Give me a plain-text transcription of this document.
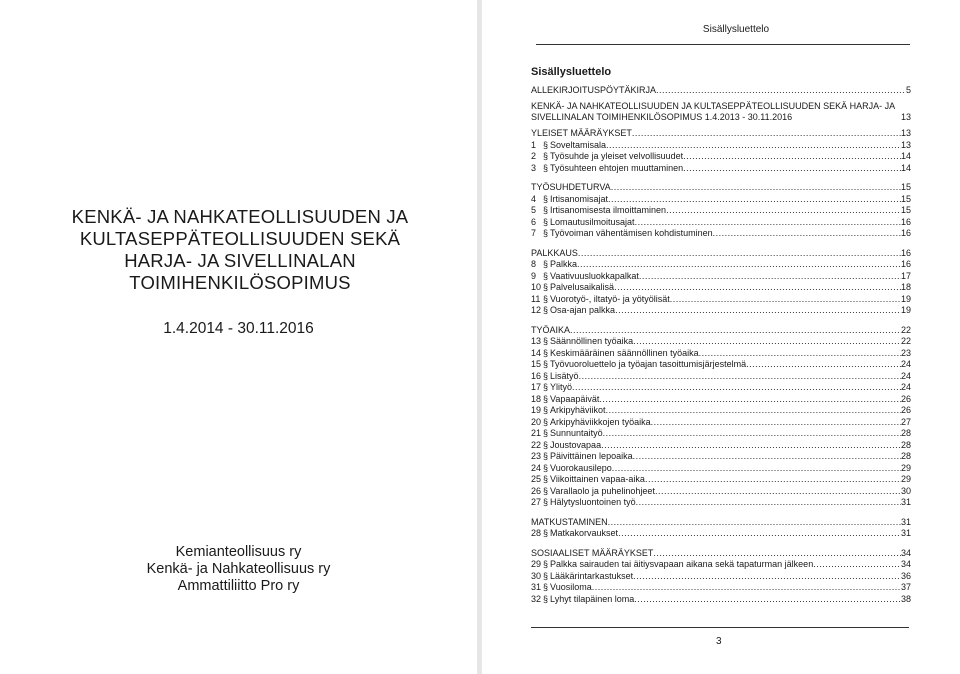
KENKÄ- JA NAHKATEOLLISUUDEN JA
KULTASEPPÄTEOLLISUUDEN SEKÄ
HARJA- JA SIVELLINALAN
TOIMIHENKILÖSOPIMUS
1.4.2014 - 30.11.2016
Kemianteollisuus ry
Kenkä- ja Nahkateollisuus ry
Ammattiliitto Pro ry
Sisällysluettelo
Sisällysluettelo
ALLEKIRJOITUSPÖYTÄKIRJA .....	5
KENKÄ- JA NAHKATEOLLISUUDEN JA KULTASEPPÄTEOLLISUUDEN SEKÄ HARJA- JA SIVELLINALAN TOIMIHENKILÖSOPIMUS 1.4.2013 - 30.11.2016	13
YLEISET MÄÄRÄYKSET .....	13
1 § Soveltamisala .....	13
2 § Työsuhde ja yleiset velvollisuudet .....	14
3 § Työsuhteen ehtojen muuttaminen .....	14
TYÖSUHDETURVA .....	15
4 § Irtisanomisajat .....	15
5 § Irtisanomisesta ilmoittaminen .....	15
6 § Lomautusilmoitusajat .....	16
7 § Työvoiman vähentämisen kohdistuminen .....	16
PALKKAUS .....	16
8 § Palkka .....	16
9 § Vaativuusluokkapalkat .....	17
10 § Palvelusaikalisä .....	18
11 § Vuorotyö-, iltatyö- ja yötyölisät .....	19
12 § Osa-ajan palkka .....	19
TYÖAIKA .....	22
13 § Säännöllinen työaika .....	22
14 § Keskimääräinen säännöllinen työaika .....	23
15 § Työvuoroluettelo ja työajan tasoittumisjärjestelmä .....	24
16 § Lisätyö .....	24
17 § Ylityö .....	24
18 § Vapaapäivät .....	26
19 § Arkipyhäviikot .....	26
20 § Arkipyhäviikkojen työaika .....	27
21 § Sunnuntaityö .....	28
22 § Joustovapaa .....	28
23 § Päivittäinen lepoaika .....	28
24 § Vuorokausilepo .....	29
25 § Viikoittainen vapaa-aika .....	29
26 § Varallaolo ja puhelinohjeet .....	30
27 § Hälytysluontoinen työ .....	31
MATKUSTAMINEN .....	31
28 § Matkakorvaukset .....	31
SOSIAALISET MÄÄRÄYKSET .....	34
29 § Palkka sairauden tai äitiysvapaan aikana sekä tapaturman jälkeen .....	34
30 § Lääkärintarkastukset .....	36
31 § Vuosiloma .....	37
32 § Lyhyt tilapäinen loma .....	38
3
